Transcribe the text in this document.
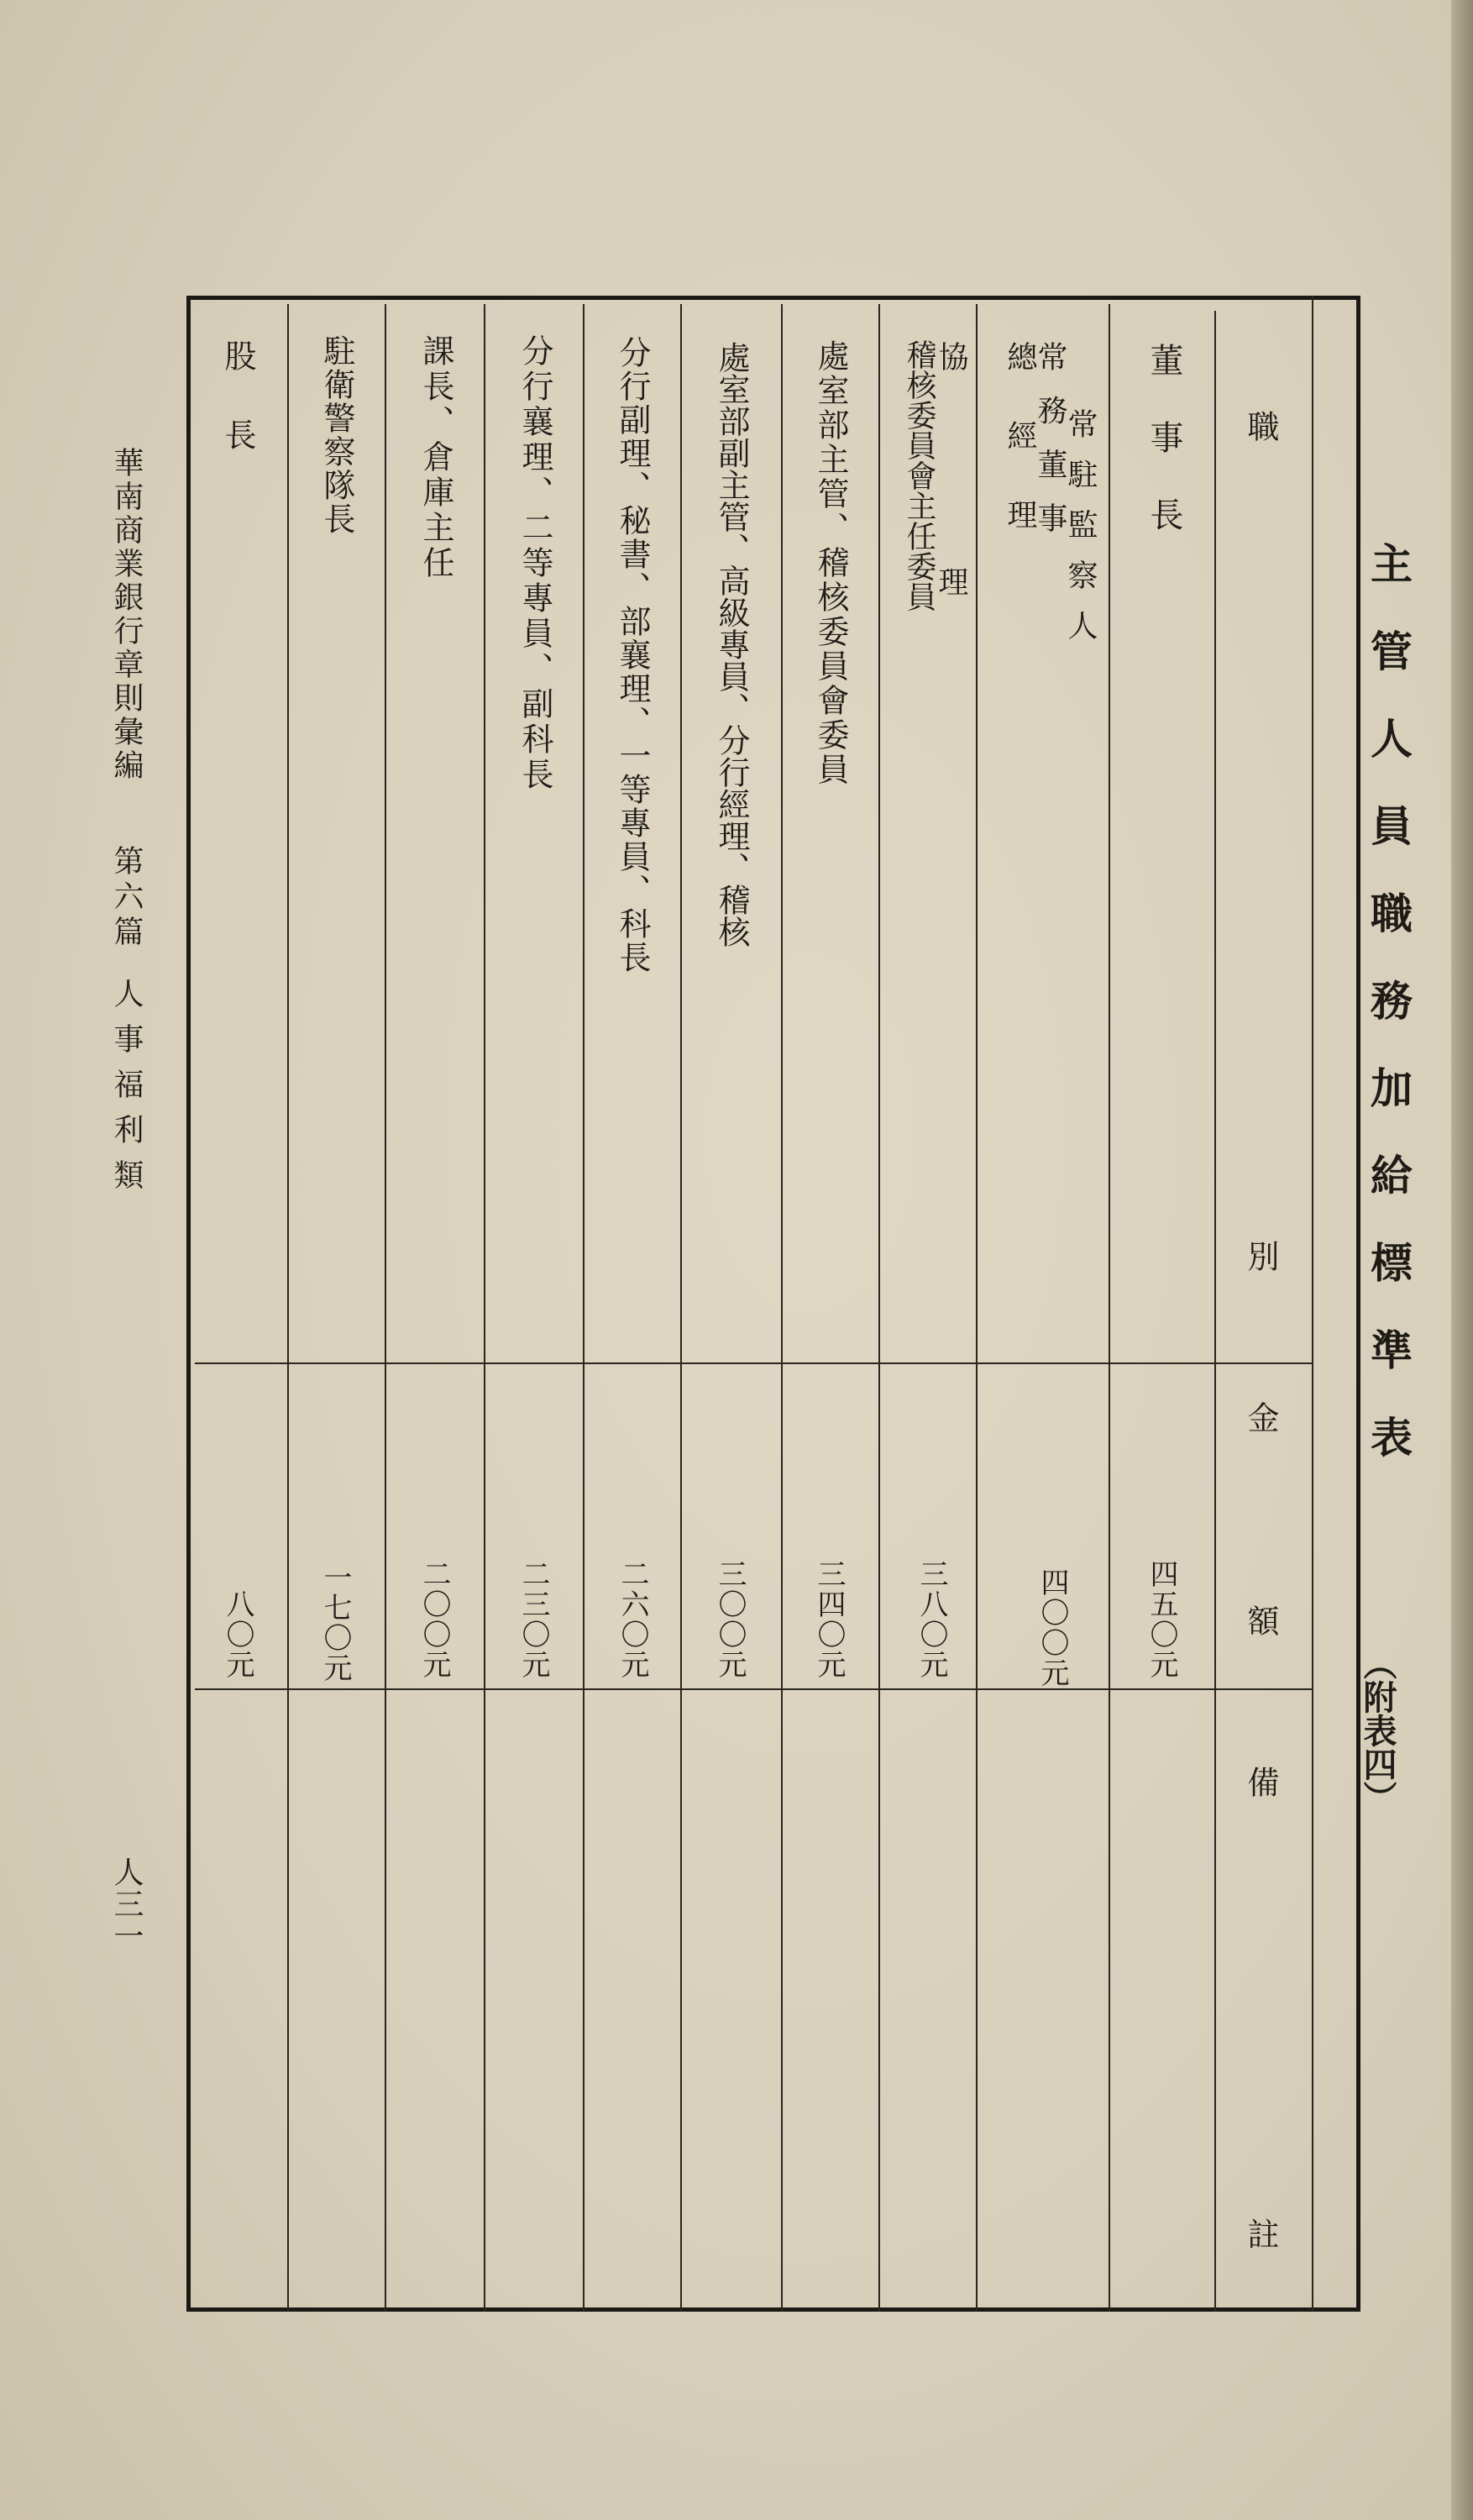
主管人員職務加給標準表
（附表四）
職
別
金
額
備
註
董事長
四五〇元
常駐監察人
常務董事
總經理
四〇〇元
協理
稽核委員會主任委員
三八〇元
處室部主管、稽核委員會委員
三四〇元
處室部副主管、高級專員、分行經理、稽核
三〇〇元
分行副理、秘書、部襄理、一等專員、科長
二六〇元
分行襄理、二等專員、副科長
二三〇元
課長、倉庫主任
二〇〇元
駐衛警察隊長
一七〇元
股長
八〇元
華南商業銀行章則彙編
第六篇
人事福利類
人三一
